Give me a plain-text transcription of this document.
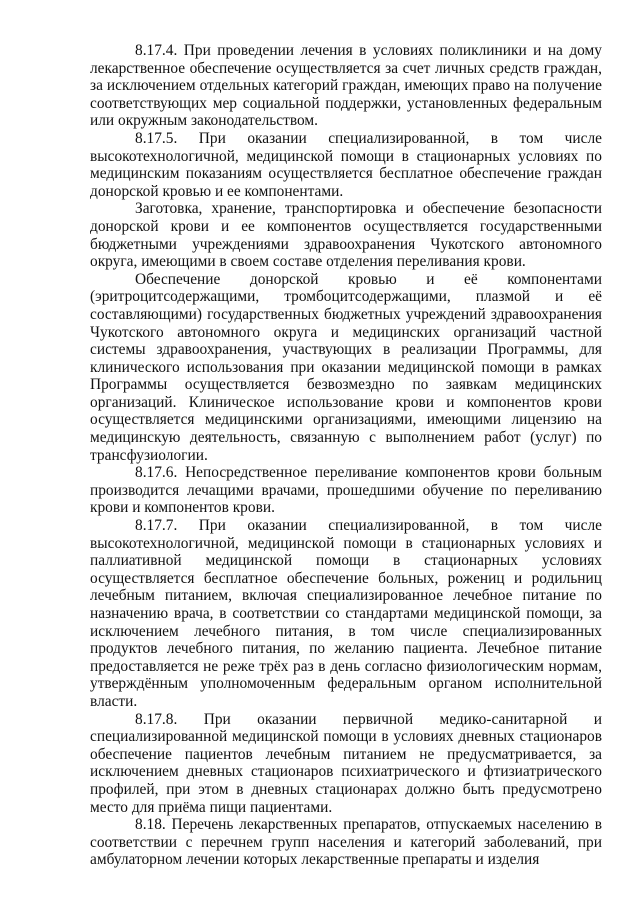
8.17.4. При проведении лечения в условиях поликлиники и на дому лекарственное обеспечение осуществляется за счет личных средств граждан, за исключением отдельных категорий граждан, имеющих право на получение соответствующих мер социальной поддержки, установленных федеральным или окружным законодательством.

8.17.5. При оказании специализированной, в том числе высокотехнологичной, медицинской помощи в стационарных условиях по медицинским показаниям осуществляется бесплатное обеспечение граждан донорской кровью и ее компонентами.

Заготовка, хранение, транспортировка и обеспечение безопасности донорской крови и ее компонентов осуществляется государственными бюджетными учреждениями здравоохранения Чукотского автономного округа, имеющими в своем составе отделения переливания крови.

Обеспечение донорской кровью и её компонентами (эритроцитсодержащими, тромбоцитсодержащими, плазмой и её составляющими) государственных бюджетных учреждений здравоохранения Чукотского автономного округа и медицинских организаций частной системы здравоохранения, участвующих в реализации Программы, для клинического использования при оказании медицинской помощи в рамках Программы осуществляется безвозмездно по заявкам медицинских организаций. Клиническое использование крови и компонентов крови осуществляется медицинскими организациями, имеющими лицензию на медицинскую деятельность, связанную с выполнением работ (услуг) по трансфузиологии.

8.17.6. Непосредственное переливание компонентов крови больным производится лечащими врачами, прошедшими обучение по переливанию крови и компонентов крови.

8.17.7. При оказании специализированной, в том числе высокотехнологичной, медицинской помощи в стационарных условиях и паллиативной медицинской помощи в стационарных условиях осуществляется бесплатное обеспечение больных, рожениц и родильниц лечебным питанием, включая специализированное лечебное питание по назначению врача, в соответствии со стандартами медицинской помощи, за исключением лечебного питания, в том числе специализированных продуктов лечебного питания, по желанию пациента. Лечебное питание предоставляется не реже трёх раз в день согласно физиологическим нормам, утверждённым уполномоченным федеральным органом исполнительной власти.

8.17.8. При оказании первичной медико-санитарной и специализированной медицинской помощи в условиях дневных стационаров обеспечение пациентов лечебным питанием не предусматривается, за исключением дневных стационаров психиатрического и фтизиатрического профилей, при этом в дневных стационарах должно быть предусмотрено место для приёма пищи пациентами.

8.18. Перечень лекарственных препаратов, отпускаемых населению в соответствии с перечнем групп населения и категорий заболеваний, при амбулаторном лечении которых лекарственные препараты и изделия
